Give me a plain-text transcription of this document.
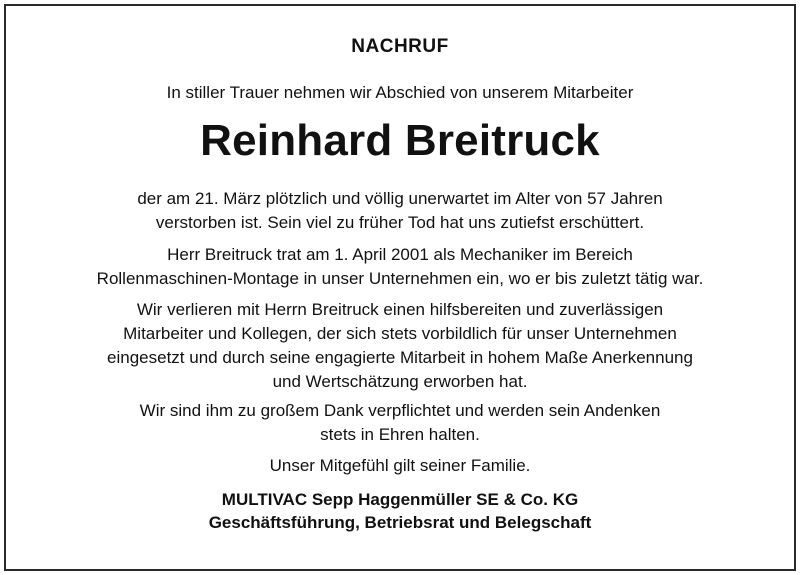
NACHRUF
In stiller Trauer nehmen wir Abschied von unserem Mitarbeiter
Reinhard Breitruck
der am 21. März plötzlich und völlig unerwartet im Alter von 57 Jahren
verstorben ist. Sein viel zu früher Tod hat uns zutiefst erschüttert.
Herr Breitruck trat am 1. April 2001 als Mechaniker im Bereich
Rollenmaschinen-Montage in unser Unternehmen ein, wo er bis zuletzt tätig war.
Wir verlieren mit Herrn Breitruck einen hilfsbereiten und zuverlässigen
Mitarbeiter und Kollegen, der sich stets vorbildlich für unser Unternehmen
eingesetzt und durch seine engagierte Mitarbeit in hohem Maße Anerkennung
und Wertschätzung erworben hat.
Wir sind ihm zu großem Dank verpflichtet und werden sein Andenken
stets in Ehren halten.
Unser Mitgefühl gilt seiner Familie.
MULTIVAC Sepp Haggenmüller SE & Co. KG
Geschäftsführung, Betriebsrat und Belegschaft
